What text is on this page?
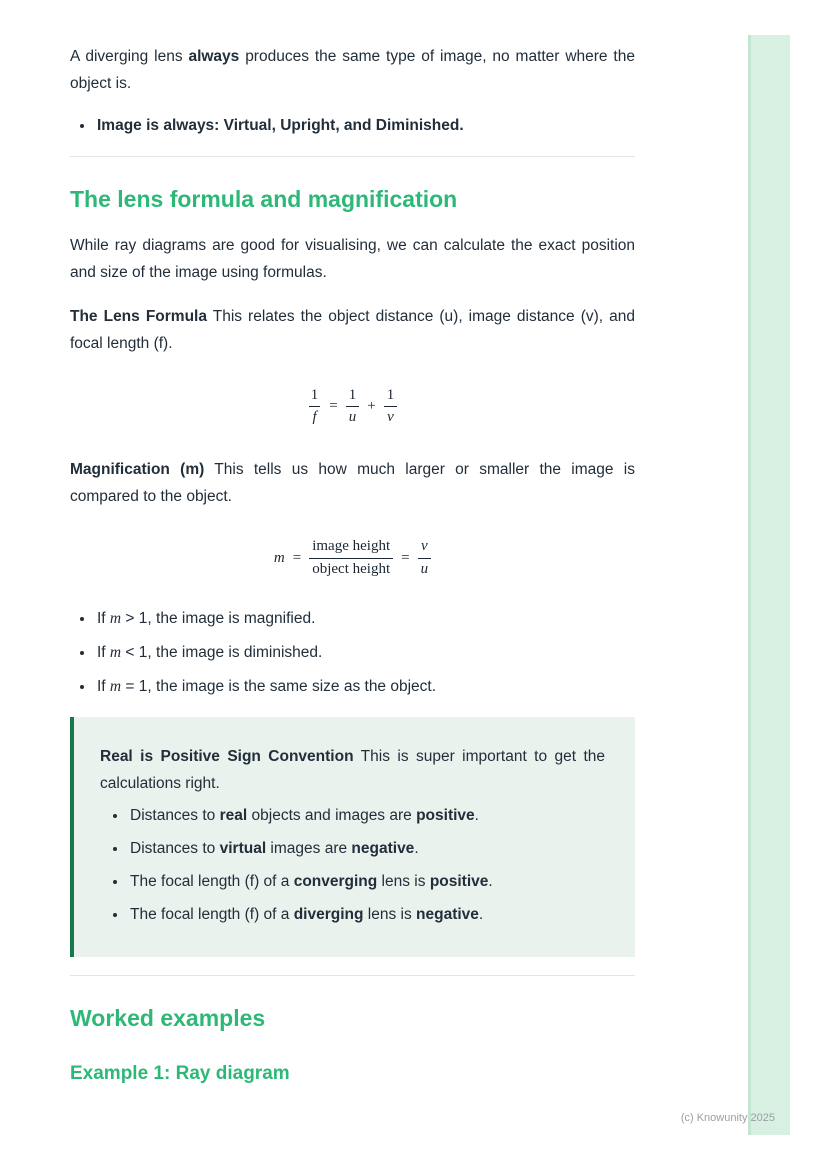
A diverging lens always produces the same type of image, no matter where the object is.

• Image is always: Virtual, Upright, and Diminished.
The lens formula and magnification

While ray diagrams are good for visualising, we can calculate the exact position and size of the image using formulas.

The Lens Formula This relates the object distance (u), image distance (v), and focal length (f).

$\frac{1}{f} = \frac{1}{u} + \frac{1}{v}$

Magnification (m) This tells us how much larger or smaller the image is compared to the object.

$m = \frac{\text{image height}}{\text{object height}} = \frac{v}{u}$
• If m > 1, the image is magnified.
• If m < 1, the image is diminished.
• If m = 1, the image is the same size as the object.

Real is Positive Sign Convention This is super important to get the calculations right.

• Distances to real objects and images are positive.
• Distances to virtual images are negative.
• The focal length (f) of a converging lens is positive.
• The focal length (f) of a diverging lens is negative.
Worked examples
Example 1: Ray diagram
(c) Knowunity 2025
